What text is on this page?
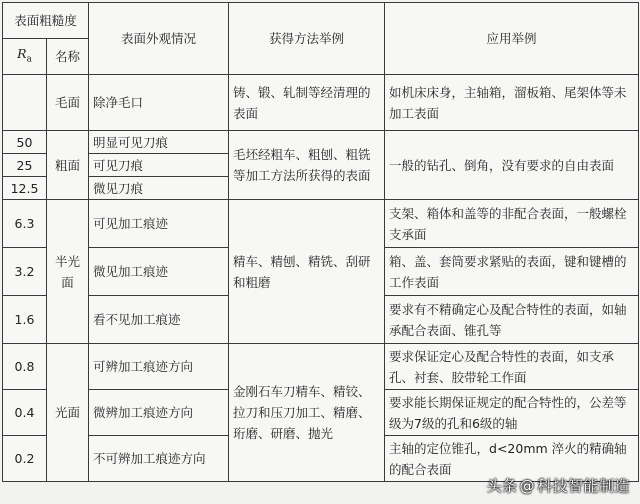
表面粗糙度		表面外观情况	获得方法举例	应用举例
$R_a$	名称			
	毛面	除净毛口	铸、锻、轧制等经清理的表面	如机床床身，主轴箱，溜板箱、尾架体等未加工表面
50	粗面	明显可见刀痕	毛坯经粗车、粗刨、粗铣等加工方法所获得的表面	一般的钻孔、倒角，没有要求的自由表面
25		可见刀痕		
12.5		微见刀痕		
6.3	半光面	可见加工痕迹	精车、精刨、精铣、刮研和粗磨	支架、箱体和盖等的非配合表面，一般螺栓支承面
3.2		微见加工痕迹		箱、盖、套筒要求紧贴的表面，键和键槽的工作表面
1.6		看不见加工痕迹		要求有不精确定心及配合特性的表面，如轴承配合表面、锥孔等
0.8	光面	可辨加工痕迹方向	金刚石车刀精车、精铰、拉刀和压刀加工、精磨、珩磨、研磨、抛光	要求保证定心及配合特性的表面，如支承孔、衬套、胶带轮工作面
0.4		微辨加工痕迹方向		要求能长期保证规定的配合特性的，公差等级为7级的孔和6级的轴
0.2		不可辨加工痕迹方向		主轴的定位锥孔，d<20mm 淬火的精确轴的配合表面
头条 @ 科技智能制造
